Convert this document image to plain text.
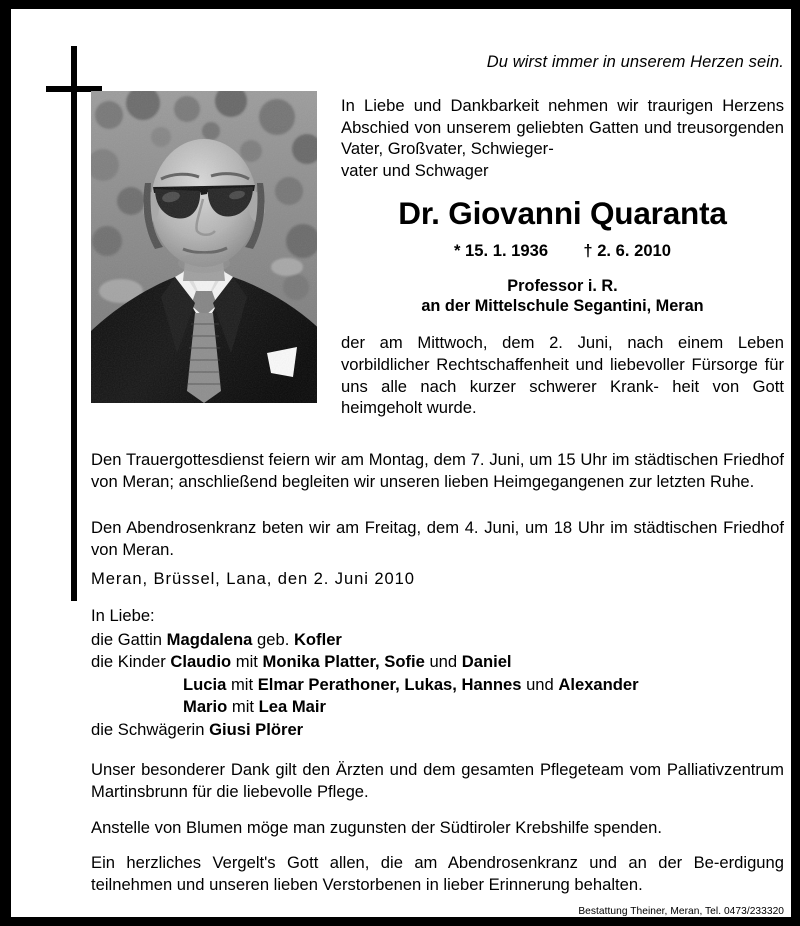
Du wirst immer in unserem Herzen sein.
In Liebe und Dankbarkeit nehmen wir traurigen Herzens Abschied von unserem geliebten Gatten und treusorgenden Vater, Großvater, Schwieger-
vater und Schwager
Dr. Giovanni Quaranta
* 15. 1. 1936 † 2. 6. 2010
Professor i. R.
an der Mittelschule Segantini, Meran
der am Mittwoch, dem 2. Juni, nach einem Leben vorbildlicher Rechtschaffenheit und liebevoller Fürsorge für uns alle nach kurzer schwerer Krank- heit von Gott heimgeholt wurde.

Den Trauergottesdienst feiern wir am Montag, dem 7. Juni, um 15 Uhr im städtischen Friedhof von Meran; anschließend begleiten wir unseren lieben Heimgegangenen zur letzten Ruhe.

Den Abendrosenkranz beten wir am Freitag, dem 4. Juni, um 18 Uhr im städtischen Friedhof von Meran.

Meran, Brüssel, Lana, den 2. Juni 2010
In Liebe:
die Gattin Magdalena geb. Kofler
die Kinder Claudio mit Monika Platter, Sofie und Daniel
Lucia mit Elmar Perathoner, Lukas, Hannes und Alexander
Mario mit Lea Mair
die Schwägerin Giusi Plörer

Unser besonderer Dank gilt den Ärzten und dem gesamten Pflegeteam vom Palliativzentrum Martinsbrunn für die liebevolle Pflege.

Anstelle von Blumen möge man zugunsten der Südtiroler Krebshilfe spenden.

Ein herzliches Vergelt's Gott allen, die am Abendrosenkranz und an der Be-erdigung teilnehmen und unseren lieben Verstorbenen in lieber Erinnerung behalten.

Bestattung Theiner, Meran, Tel. 0473/233320
